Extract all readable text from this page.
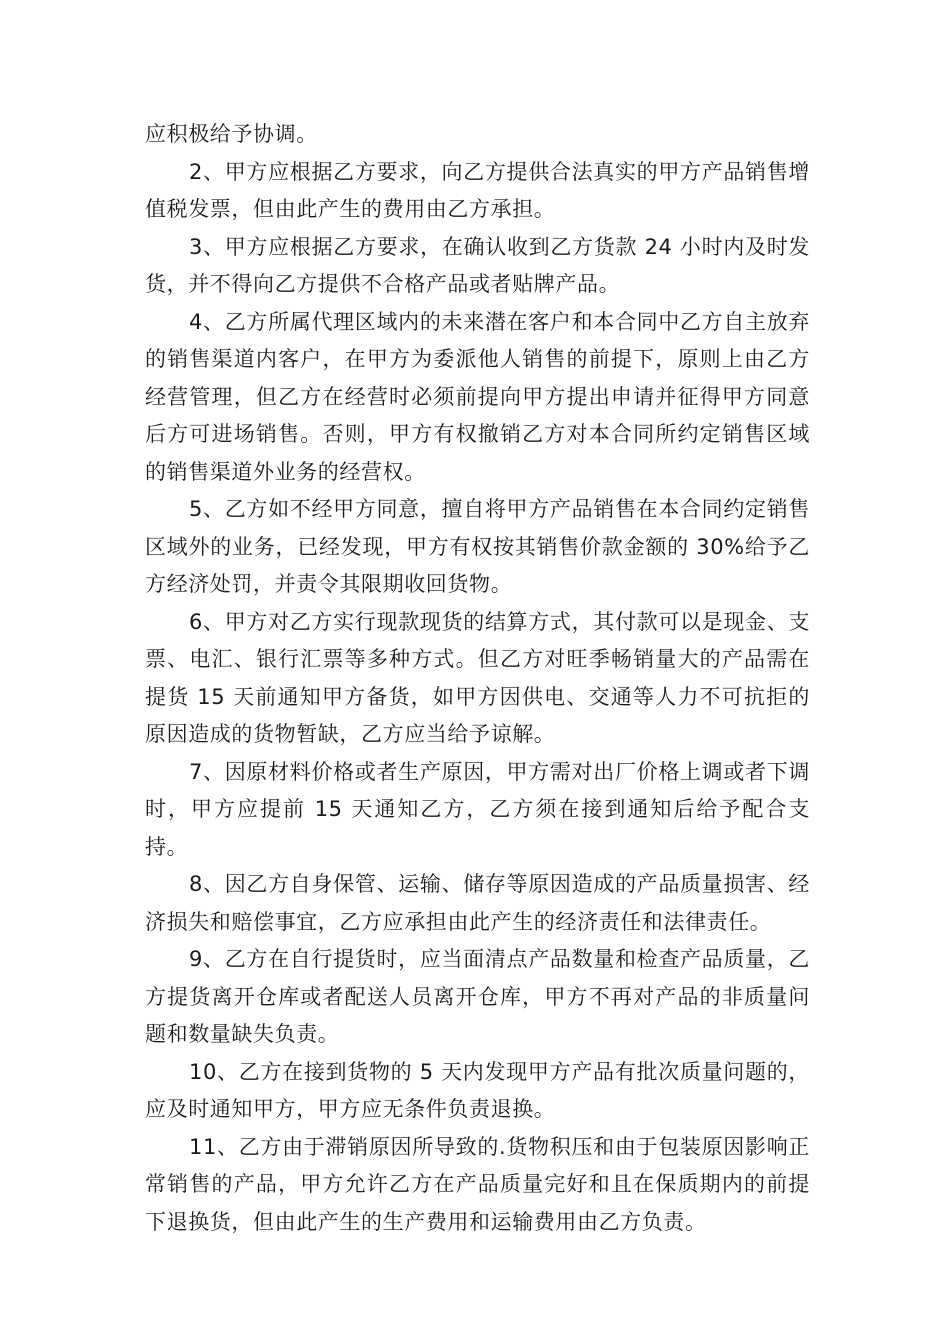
应积极给予协调。

2、甲方应根据乙方要求，向乙方提供合法真实的甲方产品销售增值税发票，但由此产生的费用由乙方承担。

3、甲方应根据乙方要求，在确认收到乙方货款 24 小时内及时发货，并不得向乙方提供不合格产品或者贴牌产品。

4、乙方所属代理区域内的未来潜在客户和本合同中乙方自主放弃的销售渠道内客户，在甲方为委派他人销售的前提下，原则上由乙方经营管理，但乙方在经营时必须前提向甲方提出申请并征得甲方同意后方可进场销售。否则，甲方有权撤销乙方对本合同所约定销售区域的销售渠道外业务的经营权。

5、乙方如不经甲方同意，擅自将甲方产品销售在本合同约定销售区域外的业务，已经发现，甲方有权按其销售价款金额的 30%给予乙方经济处罚，并责令其限期收回货物。

6、甲方对乙方实行现款现货的结算方式，其付款可以是现金、支票、电汇、银行汇票等多种方式。但乙方对旺季畅销量大的产品需在提货 15 天前通知甲方备货，如甲方因供电、交通等人力不可抗拒的原因造成的货物暂缺，乙方应当给予谅解。

7、因原材料价格或者生产原因，甲方需对出厂价格上调或者下调时，甲方应提前 15 天通知乙方，乙方须在接到通知后给予配合支持。

8、因乙方自身保管、运输、储存等原因造成的产品质量损害、经济损失和赔偿事宜，乙方应承担由此产生的经济责任和法律责任。

9、乙方在自行提货时，应当面清点产品数量和检查产品质量，乙方提货离开仓库或者配送人员离开仓库，甲方不再对产品的非质量问题和数量缺失负责。

10、乙方在接到货物的 5 天内发现甲方产品有批次质量问题的，应及时通知甲方，甲方应无条件负责退换。

11、乙方由于滞销原因所导致的.货物积压和由于包装原因影响正常销售的产品，甲方允许乙方在产品质量完好和且在保质期内的前提下退换货，但由此产生的生产费用和运输费用由乙方负责。
